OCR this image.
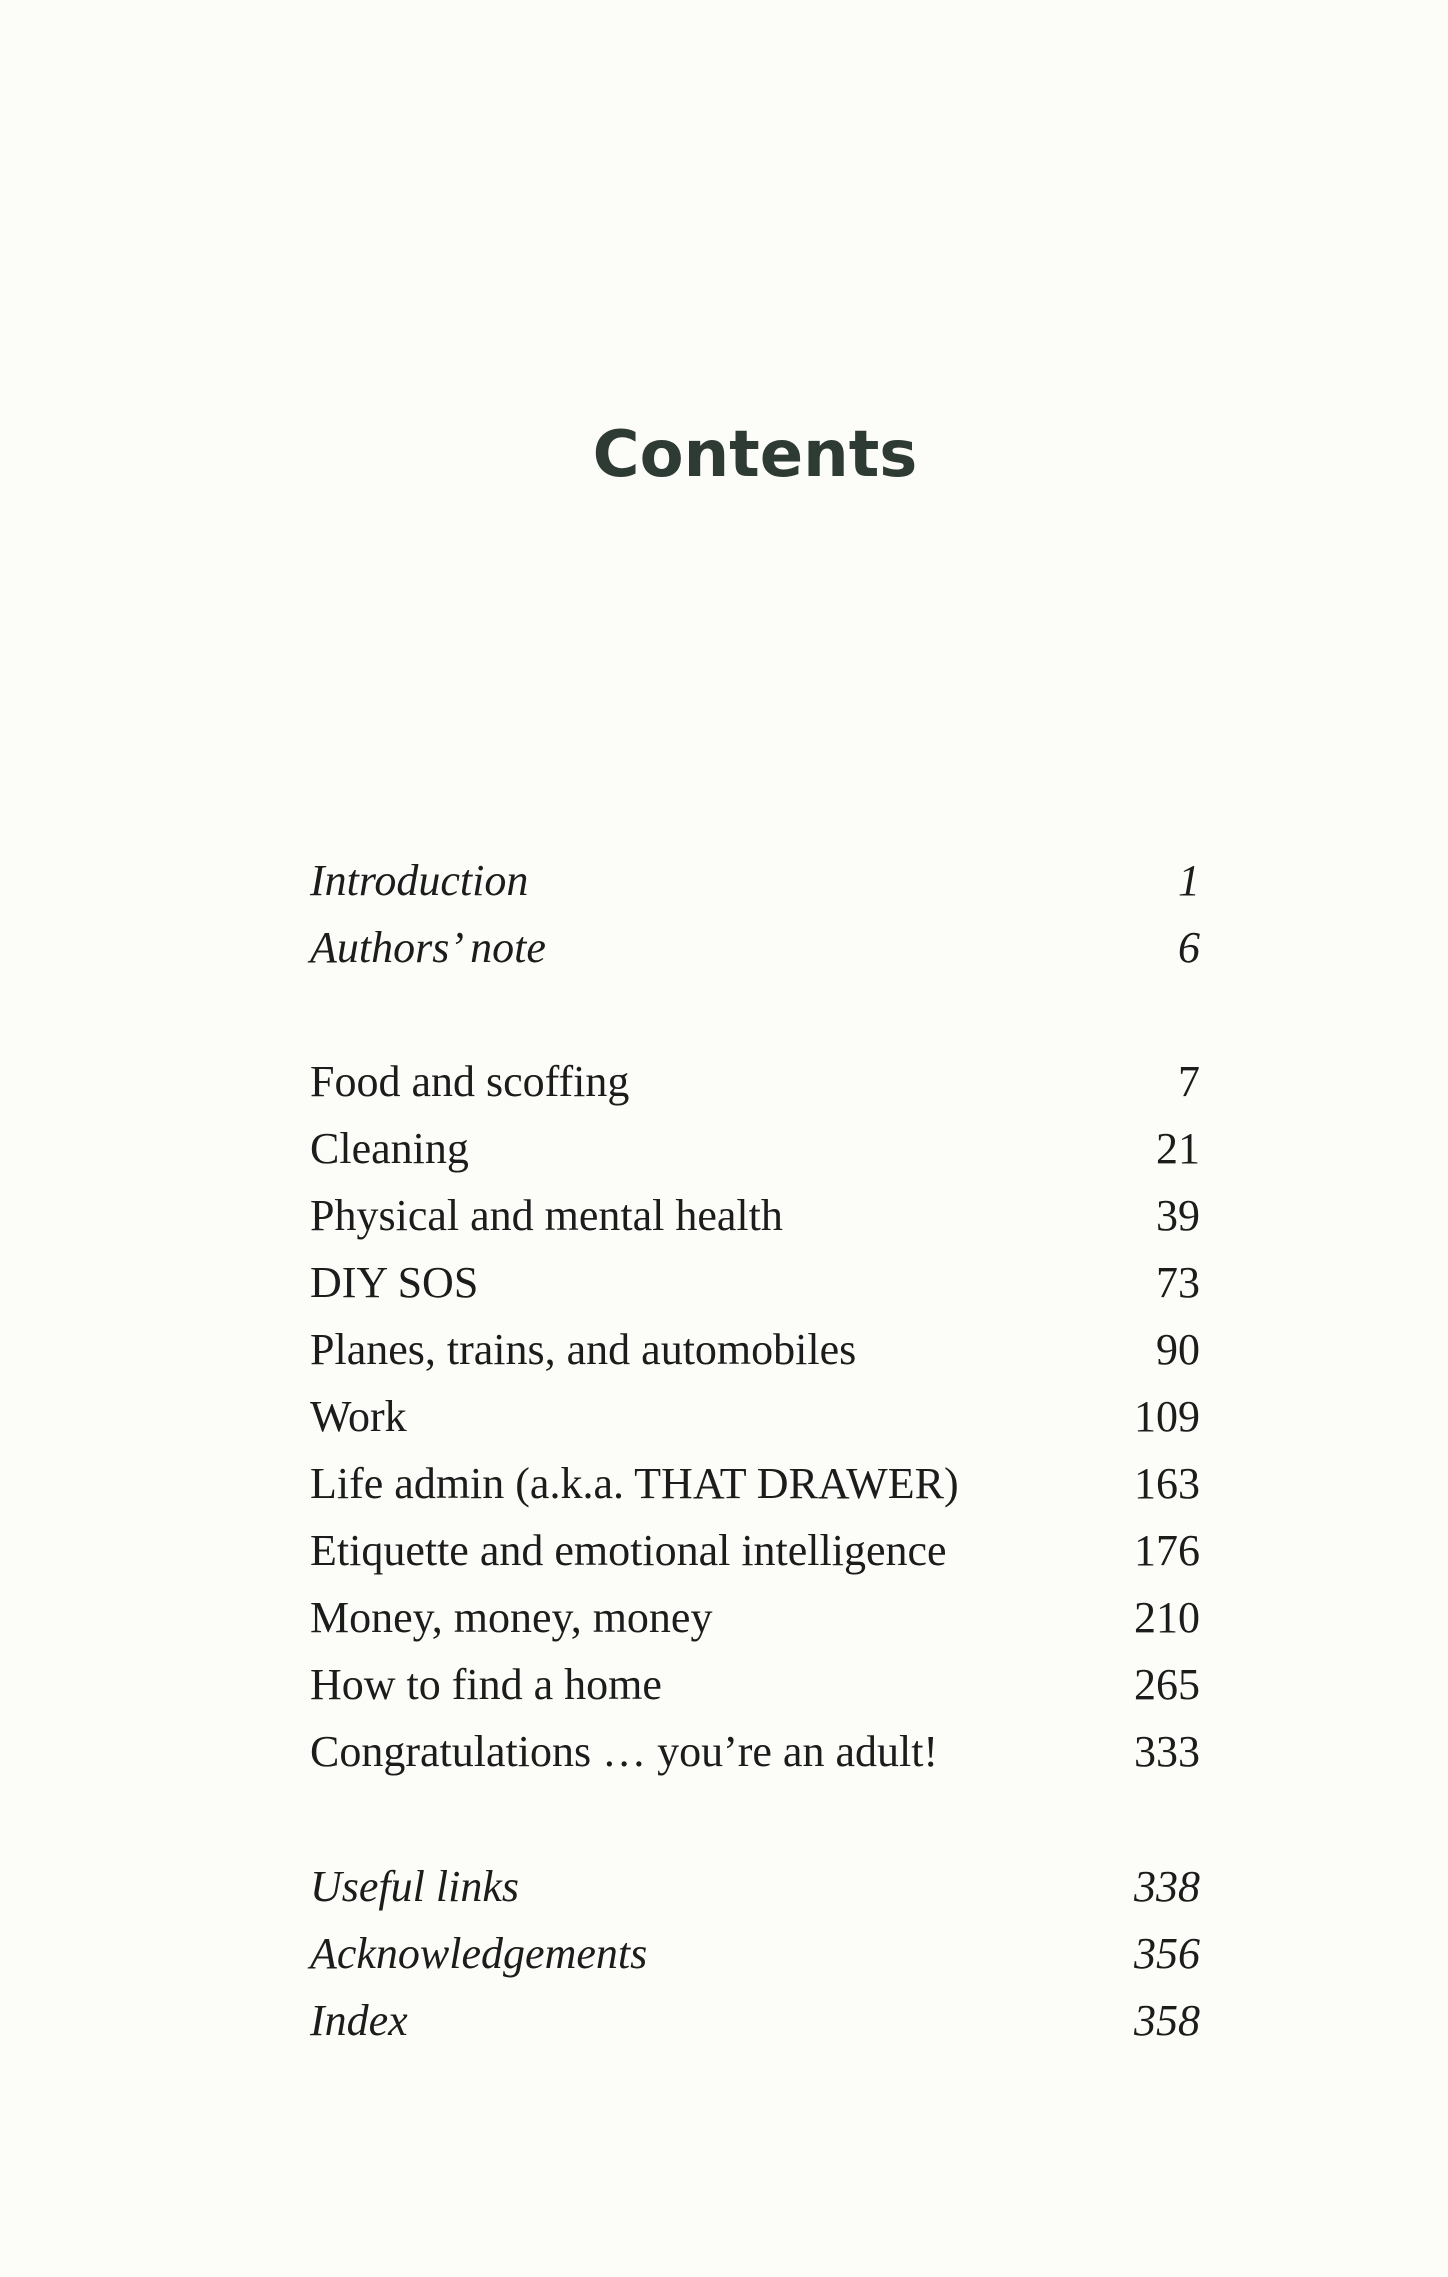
Contents
Introduction	1
Authors’ note	6
Food and scoffing	7
Cleaning	21
Physical and mental health	39
DIY SOS	73
Planes, trains, and automobiles	90
Work	109
Life admin (a.k.a. THAT DRAWER)	163
Etiquette and emotional intelligence	176
Money, money, money	210
How to find a home	265
Congratulations … you’re an adult!	333
Useful links	338
Acknowledgements	356
Index	358
